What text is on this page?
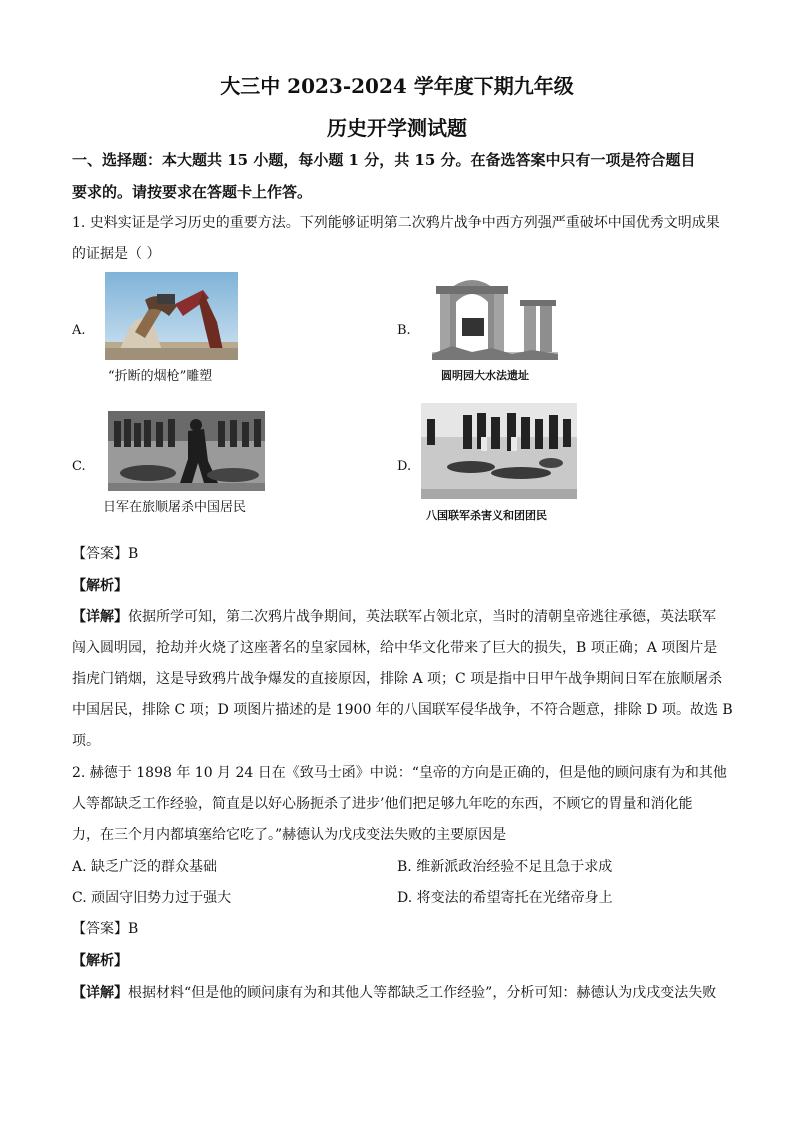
大三中 2023-2024 学年度下期九年级
历史开学测试题
一、选择题：本大题共 15 小题，每小题 1 分，共 15 分。在备选答案中只有一项是符合题目
要求的。请按要求在答题卡上作答。
1. 史料实证是学习历史的重要方法。下列能够证明第二次鸦片战争中西方列强严重破坏中国优秀文明成果
的证据是（ ）
A.
“折断的烟枪”雕塑
B.
圆明园大水法遗址
C.
日军在旅顺屠杀中国居民
D.
八国联军杀害义和团团民
【答案】B
【解析】
【详解】依据所学可知，第二次鸦片战争期间，英法联军占领北京，当时的清朝皇帝逃往承德，英法联军
闯入圆明园，抢劫并火烧了这座著名的皇家园林，给中华文化带来了巨大的损失，B 项正确；A 项图片是
指虎门销烟，这是导致鸦片战争爆发的直接原因，排除 A 项；C 项是指中日甲午战争期间日军在旅顺屠杀
中国居民，排除 C 项；D 项图片描述的是 1900 年的八国联军侵华战争，不符合题意，排除 D 项。故选 B
项。
2. 赫德于 1898 年 10 月 24 日在《致马士函》中说：“皇帝的方向是正确的，但是他的顾问康有为和其他
人等都缺乏工作经验，简直是以好心肠扼杀了进步’他们把足够九年吃的东西，不顾它的胃量和消化能
力，在三个月内都填塞给它吃了。”赫德认为戊戌变法失败的主要原因是
A. 缺乏广泛的群众基础	B. 维新派政治经验不足且急于求成
C. 顽固守旧势力过于强大	D. 将变法的希望寄托在光绪帝身上
【答案】B
【解析】
【详解】根据材料“但是他的顾问康有为和其他人等都缺乏工作经验”，分析可知：赫德认为戊戌变法失败
